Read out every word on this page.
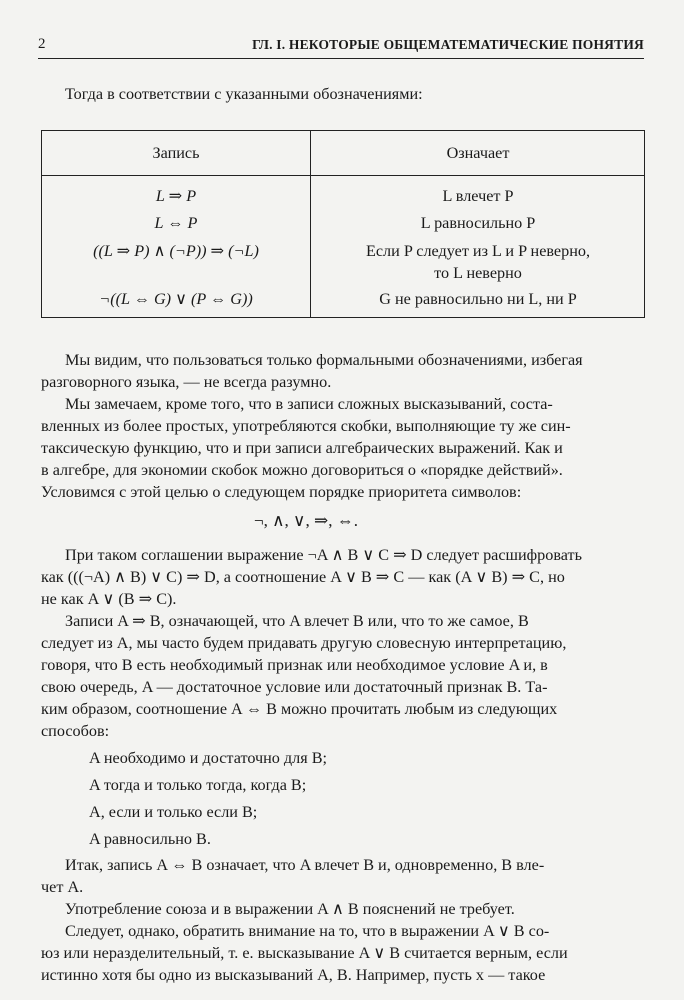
2	ГЛ. I. НЕКОТОРЫЕ ОБЩЕМАТЕМАТИЧЕСКИЕ ПОНЯТИЯ
Тогда в соответствии с указанными обозначениями:
Запись	Означает
L ⇒ P	L влечет P
L ⇔ P	L равносильно P
((L ⇒ P) ∧ (¬P)) ⇒ (¬L)	Если P следует из L и P неверно,
то L неверно
¬((L ⇔ G) ∨ (P ⇔ G))	G не равносильно ни L, ни P
Мы видим, что пользоваться только формальными обозначениями, избегая
разговорного языка, — не всегда разумно.
Мы замечаем, кроме того, что в записи сложных высказываний, соста-
вленных из более простых, употребляются скобки, выполняющие ту же син-
таксическую функцию, что и при записи алгебраических выражений. Как и
в алгебре, для экономии скобок можно договориться о «порядке действий».
Условимся с этой целью о следующем порядке приоритета символов:
¬, ∧, ∨, ⇒, ⇔.
При таком соглашении выражение ¬A ∧ B ∨ C ⇒ D следует расшифровать
как (((¬A) ∧ B) ∨ C) ⇒ D, а соотношение A ∨ B ⇒ C — как (A ∨ B) ⇒ C, но
не как A ∨ (B ⇒ C).
Записи A ⇒ B, означающей, что A влечет B или, что то же самое, B
следует из A, мы часто будем придавать другую словесную интерпретацию,
говоря, что B есть необходимый признак или необходимое условие A и, в
свою очередь, A — достаточное условие или достаточный признак B. Та-
ким образом, соотношение A ⇔ B можно прочитать любым из следующих
способов:
A необходимо и достаточно для B;
A тогда и только тогда, когда B;
A, если и только если B;
A равносильно B.
Итак, запись A ⇔ B означает, что A влечет B и, одновременно, B вле-
чет A.
Употребление союза и в выражении A ∧ B пояснений не требует.
Следует, однако, обратить внимание на то, что в выражении A ∨ B со-
юз или неразделительный, т. е. высказывание A ∨ B считается верным, если
истинно хотя бы одно из высказываний A, B. Например, пусть x — такое
